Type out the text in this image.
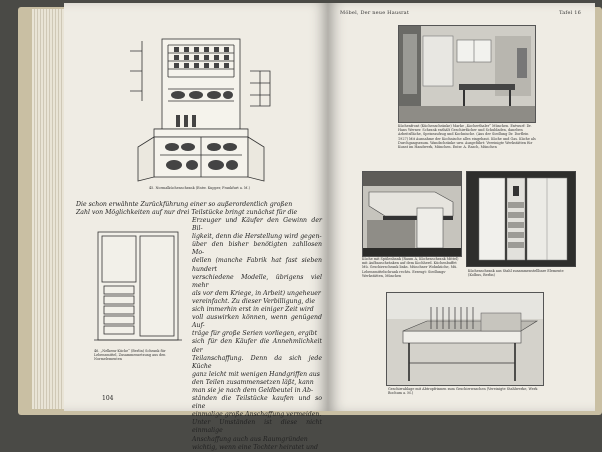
45. Normalküchenschrank (Entw. Kupper, Frankfurt a. M.)
Die schon erwähnte Zurückführung einer so außerordentlich großen
Zahl von Möglichkeiten auf nur drei Teilstücke bringt zunächst für die
46. „Nelkens-Küche“ (Berlin) Schrank für Lebensmittel, Zusammensetzung aus den Normelementen
Erzeuger und Käufer den Gewinn der Bil-
ligkeit, denn die Herstellung wird gegen-
über den bisher benötigten zahllosen Mo-
dellen (manche Fabrik hat fast sieben hundert
verschiedene Modelle, übrigens viel mehr
als vor dem Kriege, in Arbeit) ungeheuer
vereinfacht. Zu dieser Verbilligung, die
sich immerhin erst in einiger Zeit wird
voll auswirken können, wenn genügend Auf-
träge für große Serien vorliegen, ergibt
sich für den Käufer die Annehmlichkeit der
Teilanschaffung. Denn da sich jede Küche
ganz leicht mit wenigen Handgriffen aus
den Teilen zusammensetzen läßt, kann
man sie je nach dem Geldbeutel in Ab-
ständen die Teilstücke kaufen und so eine
einmalige große Anschaffung vermeiden.
Unter Umständen ist diese nicht einmalige
Anschaffung auch aus Raumgründen
wichtig, wenn eine Tochter heiratet und
104
Möbel, Der neue Hausrat	Tafel 16
Küchenfront (Küchenschränke) Marke „Kocherthaler“ München. Entwurf: Dr. Hans Werner. Schrank enthält Geschirrfächer und Schubladen, daneben Arbeitsfläche, Speiseaufzug und Kochnische. (Aus der Siedlung Dr. Dorflein 1927) Mit Ausnahme der Kochnische alles eingebaut. Küche und Gas. Küche als Durchgangsraum. Wandschränke usw. Ausgeführt: Vereinigte Werkstätten für Kunst im Handwerk, München. Entw. A. Rasch, München
Küche mit Spülenbank (Raum A, Küchenschrank Mittel) mit Aufbauschränken auf dem Kochherd. Küchenbuffet Mü. Geschirrschrank links. Münchner Wohnküche, Mü. Lebensmittelschrank rechts. Erzeugt: Siedlungs-Werkstätten, München
Küchenschrank aus Stahl zusammenstellbare Elemente (Kolbus, Berlin)
Geschirrablage mit Abtropfrinnen zum Geschirrwaschen (Vereinigte Stahlwerke, Werk Bochum a. M.)
